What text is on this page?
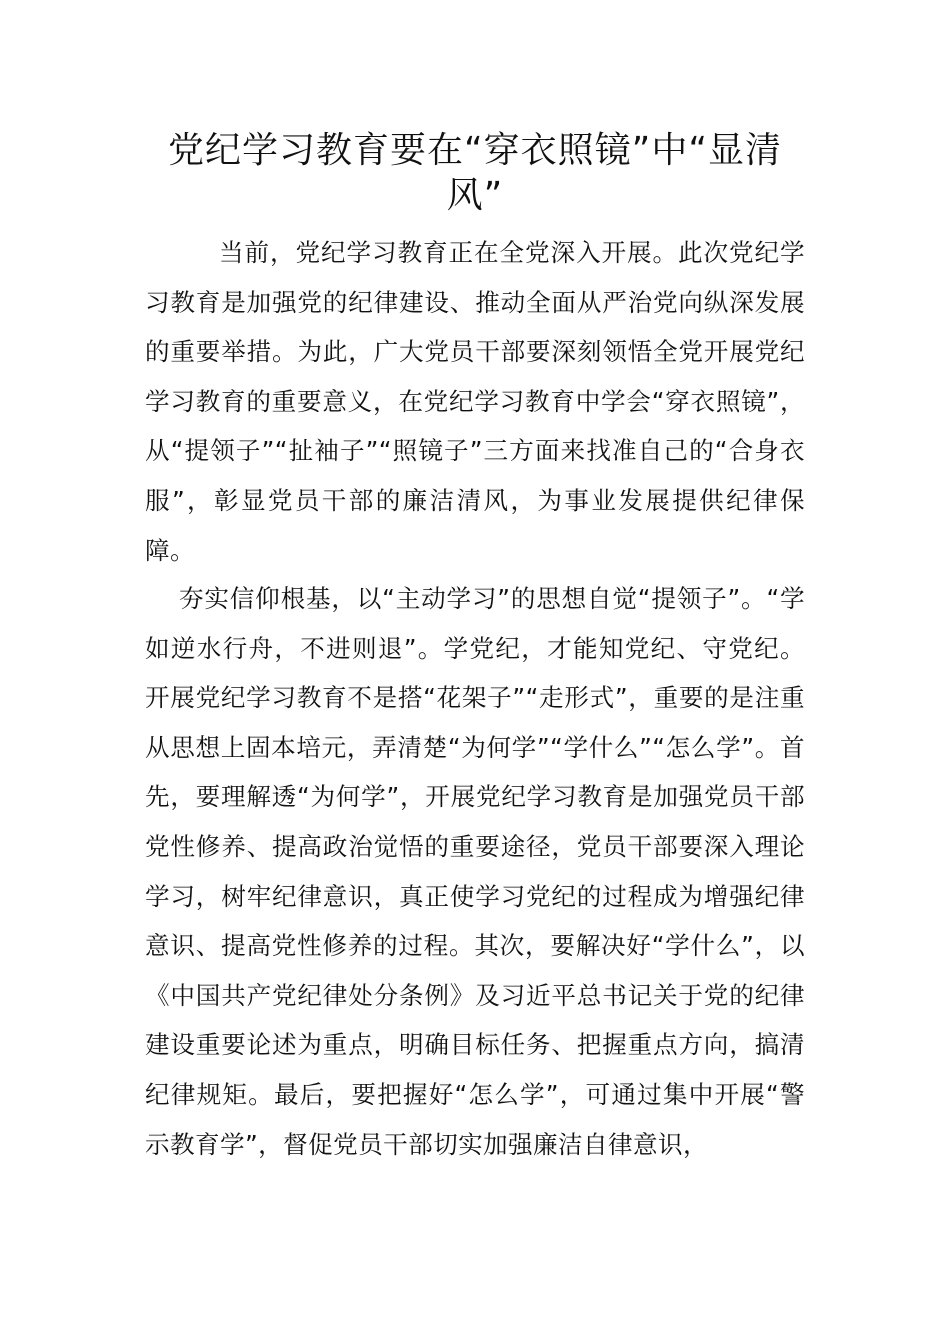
党纪学习教育要在“穿衣照镜”中“显清风”

当前，党纪学习教育正在全党深入开展。此次党纪学习教育是加强党的纪律建设、推动全面从严治党向纵深发展的重要举措。为此，广大党员干部要深刻领悟全党开展党纪学习教育的重要意义，在党纪学习教育中学会“穿衣照镜”，从“提领子”“扯袖子”“照镜子”三方面来找准自己的“合身衣服”，彰显党员干部的廉洁清风，为事业发展提供纪律保障。

夯实信仰根基，以“主动学习”的思想自觉“提领子”。“学如逆水行舟，不进则退”。学党纪，才能知党纪、守党纪。开展党纪学习教育不是搭“花架子”“走形式”，重要的是注重从思想上固本培元，弄清楚“为何学”“学什么”“怎么学”。首先，要理解透“为何学”，开展党纪学习教育是加强党员干部党性修养、提高政治觉悟的重要途径，党员干部要深入理论学习，树牢纪律意识，真正使学习党纪的过程成为增强纪律意识、提高党性修养的过程。其次，要解决好“学什么”，以《中国共产党纪律处分条例》及习近平总书记关于党的纪律建设重要论述为重点，明确目标任务、把握重点方向，搞清纪律规矩。最后，要把握好“怎么学”，可通过集中开展“警示教育学”，督促党员干部切实加强廉洁自律意识，
